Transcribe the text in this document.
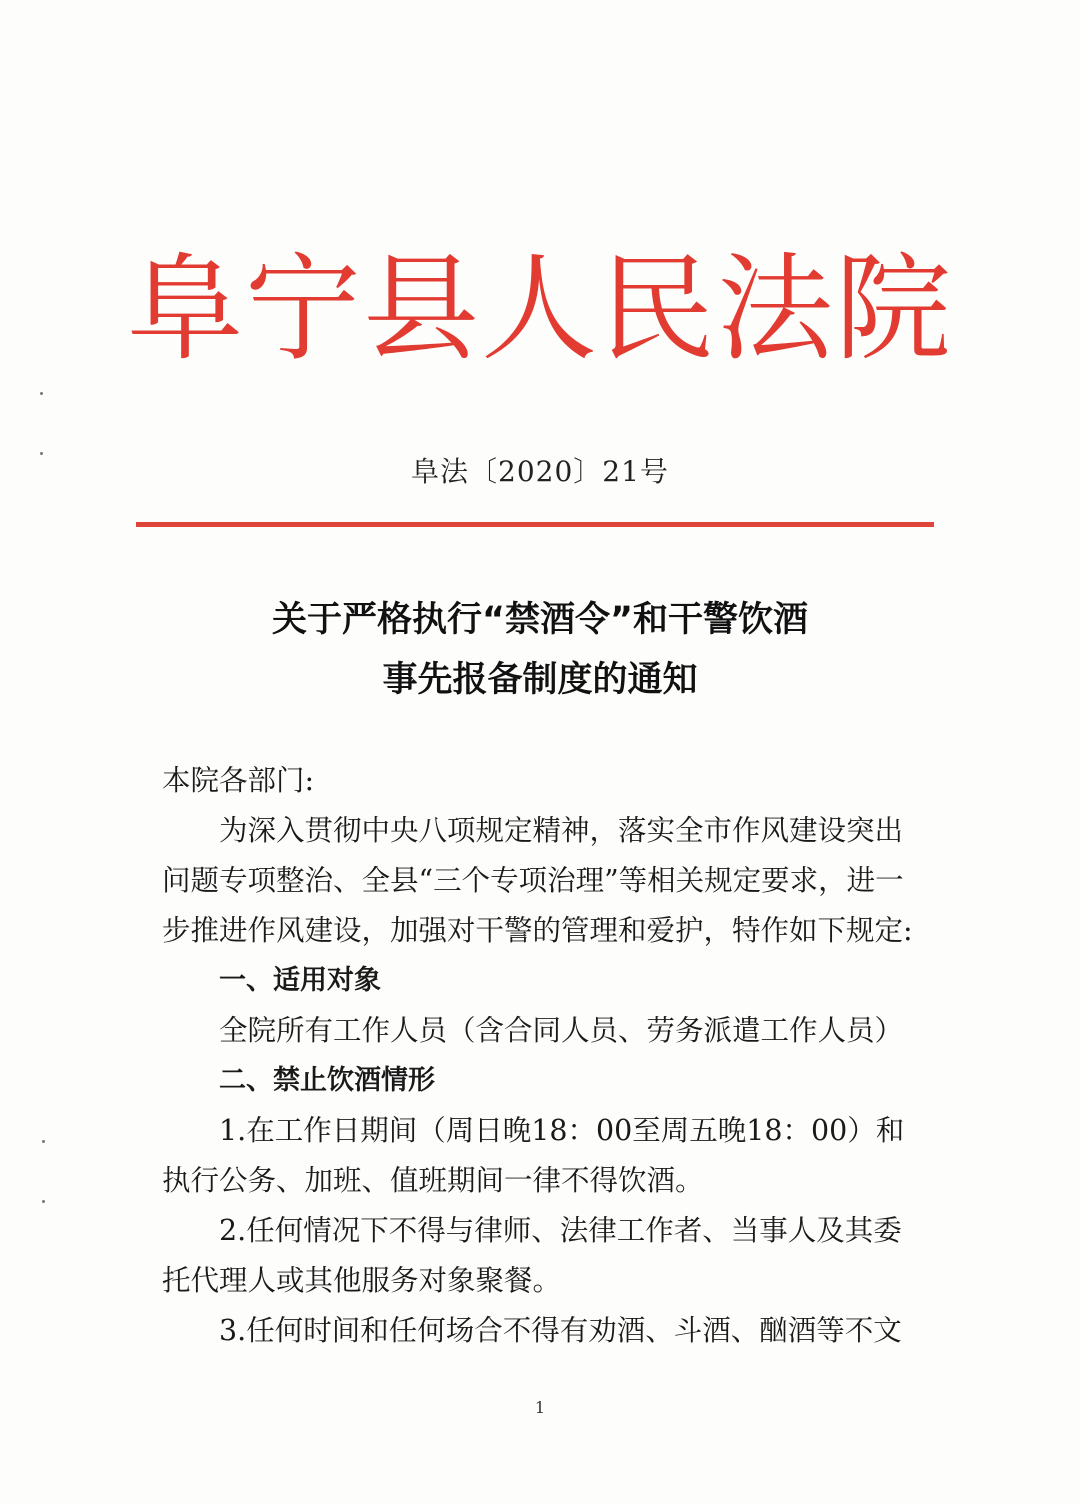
阜宁县人民法院
阜法〔2020〕21号
关于严格执行“禁酒令”和干警饮酒
事先报备制度的通知

本院各部门:

为深入贯彻中央八项规定精神，落实全市作风建设突出问题专项整治、全县“三个专项治理”等相关规定要求，进一步推进作风建设，加强对干警的管理和爱护，特作如下规定:

一、适用对象

全院所有工作人员（含合同人员、劳务派遣工作人员）

二、禁止饮酒情形

1.在工作日期间（周日晚18：00至周五晚18：00）和执行公务、加班、值班期间一律不得饮酒。

2.任何情况下不得与律师、法律工作者、当事人及其委托代理人或其他服务对象聚餐。

3.任何时间和任何场合不得有劝酒、斗酒、酗酒等不文

1
